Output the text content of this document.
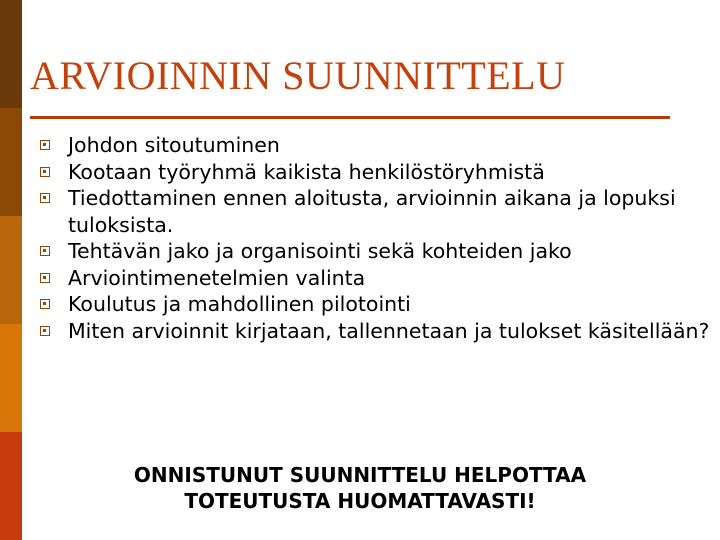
ARVIOINNIN SUUNNITTELU
Johdon sitoutuminen
Kootaan työryhmä kaikista henkilöstöryhmistä
Tiedottaminen ennen aloitusta, arvioinnin aikana ja lopuksi tuloksista.
Tehtävän jako ja organisointi sekä kohteiden jako
Arviointimenetelmien valinta
Koulutus ja mahdollinen pilotointi
Miten arvioinnit kirjataan, tallennetaan ja tulokset käsitellään?
ONNISTUNUT SUUNNITTELU HELPOTTAA
TOTEUTUSTA HUOMATTAVASTI!
